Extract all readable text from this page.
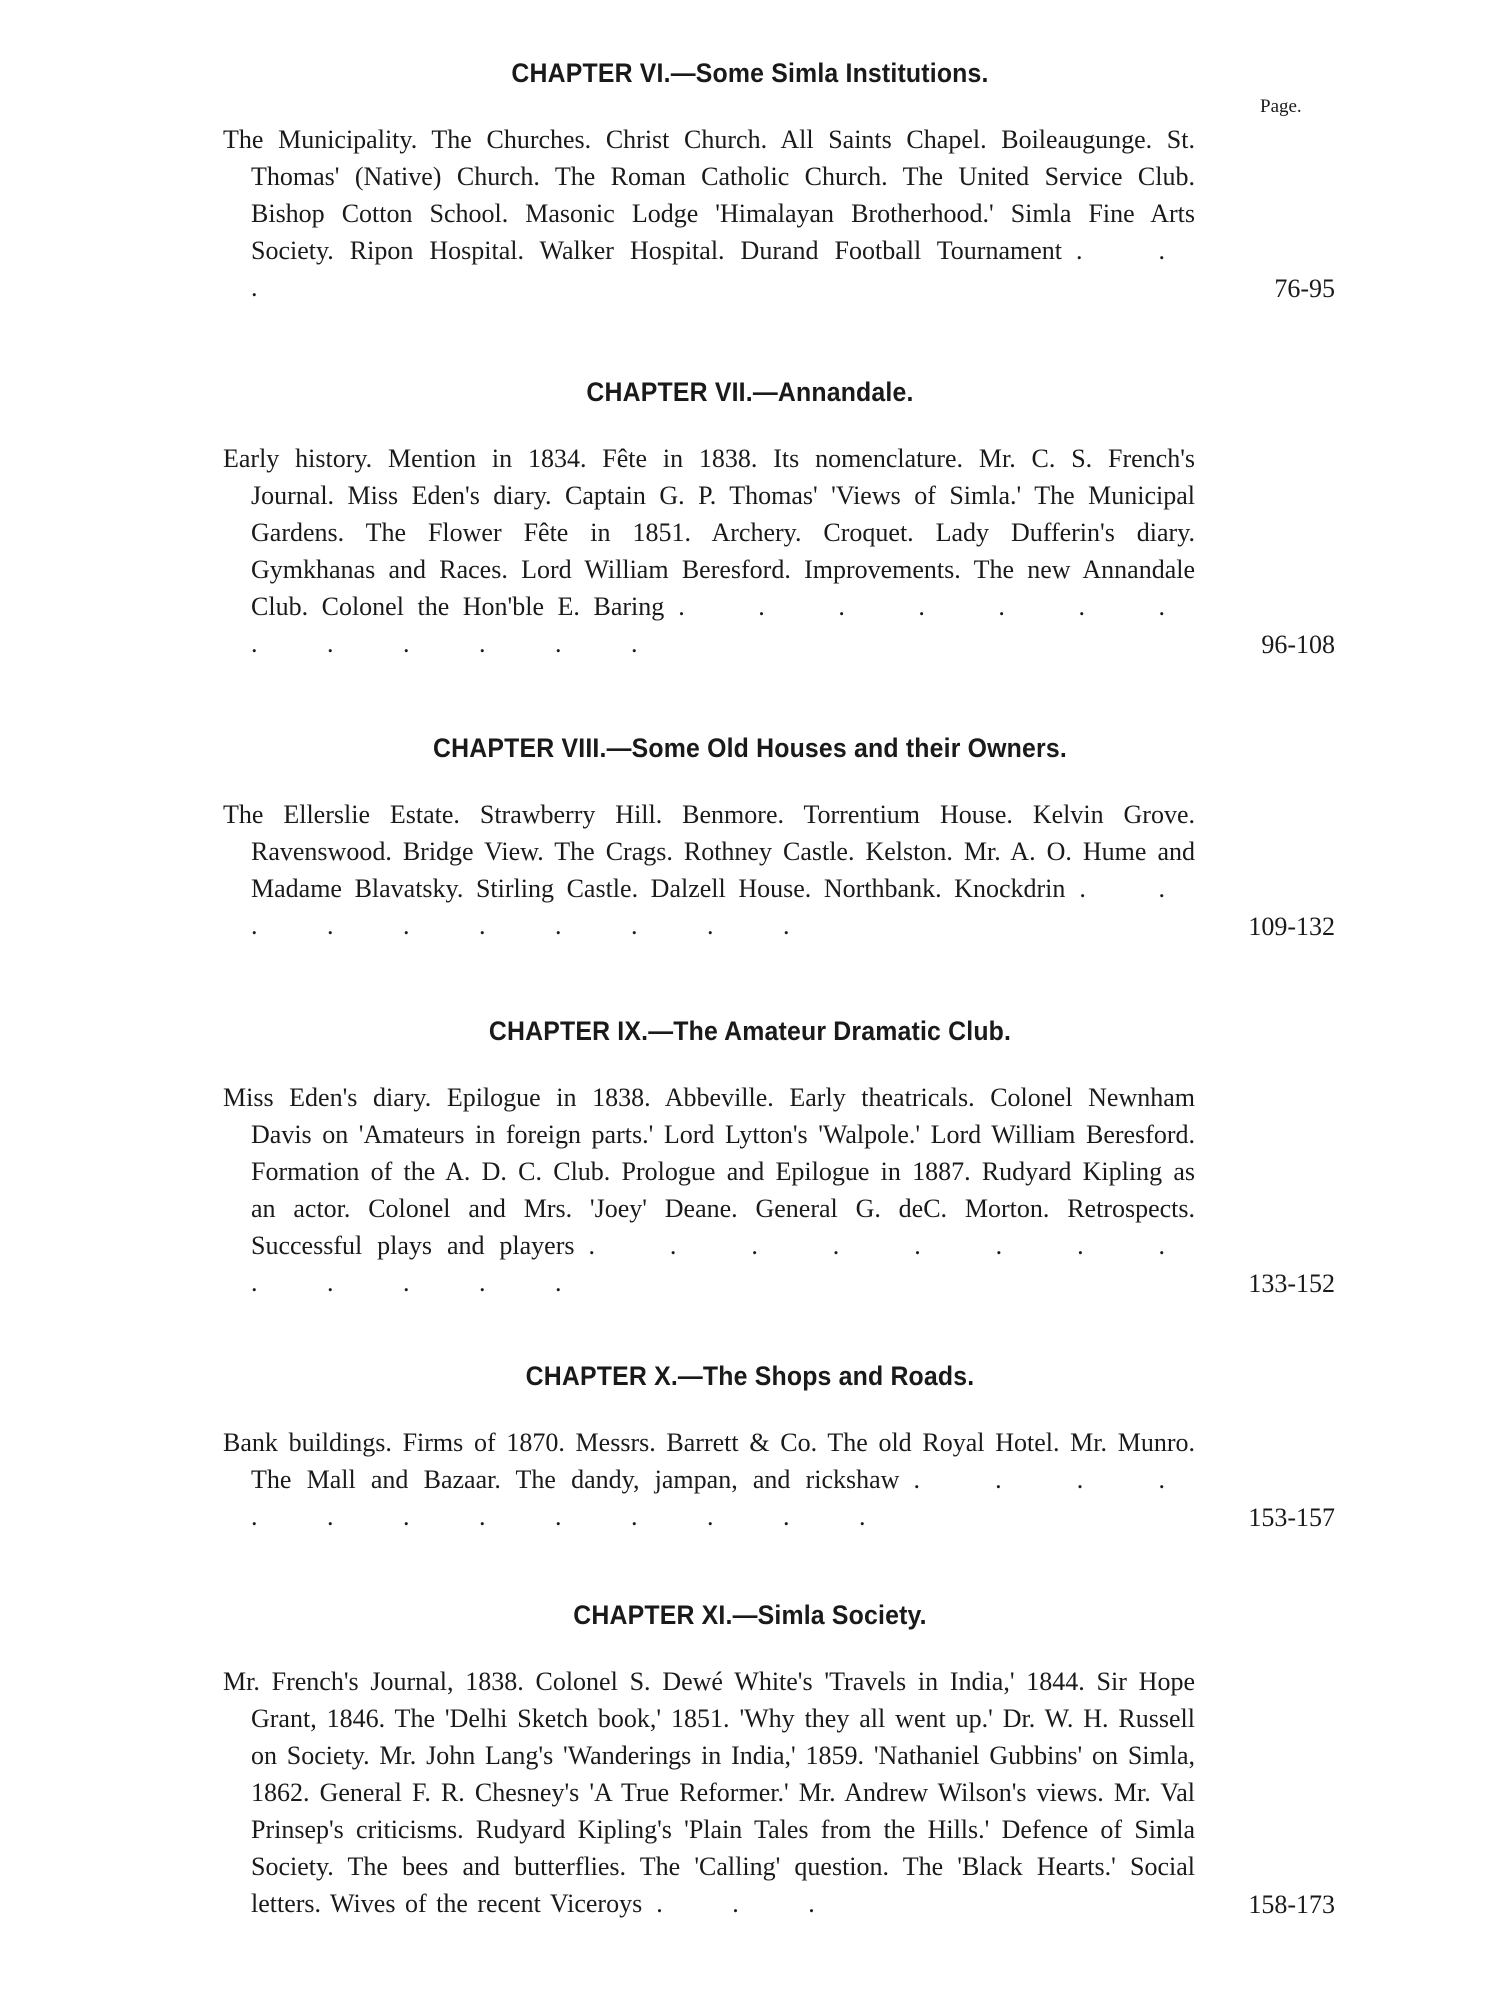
Page.
CHAPTER VI.—Some Simla Institutions.

The Municipality. The Churches. Christ Church. All Saints Chapel. Boileaugunge. St. Thomas' (Native) Church. The Roman Catholic Church. The United Service Club. Bishop Cotton School. Masonic Lodge 'Himalayan Brotherhood.' Simla Fine Arts Society. Ripon Hospital. Walker Hospital. Durand Football Tournament . . .	76-95
CHAPTER VII.—Annandale.

Early history. Mention in 1834. Fête in 1838. Its nomenclature. Mr. C. S. French's Journal. Miss Eden's diary. Captain G. P. Thomas' 'Views of Simla.' The Municipal Gardens. The Flower Fête in 1851. Archery. Croquet. Lady Dufferin's diary. Gymkhanas and Races. Lord William Beresford. Improvements. The new Annandale Club. Colonel the Hon'ble E. Baring . . . . . . . . . . . . .	96-108
CHAPTER VIII.—Some Old Houses and their Owners.

The Ellerslie Estate. Strawberry Hill. Benmore. Torrentium House. Kelvin Grove. Ravenswood. Bridge View. The Crags. Rothney Castle. Kelston. Mr. A. O. Hume and Madame Blavatsky. Stirling Castle. Dalzell House. Northbank. Knockdrin . . . . . . . . . .	109-132
CHAPTER IX.—The Amateur Dramatic Club.

Miss Eden's diary. Epilogue in 1838. Abbeville. Early theatricals. Colonel Newnham Davis on 'Amateurs in foreign parts.' Lord Lytton's 'Walpole.' Lord William Beresford. Formation of the A. D. C. Club. Prologue and Epilogue in 1887. Rudyard Kipling as an actor. Colonel and Mrs. 'Joey' Deane. General G. deC. Morton. Retrospects. Successful plays and players . . . . . . . . . . . . .	133-152
CHAPTER X.—The Shops and Roads.

Bank buildings. Firms of 1870. Messrs. Barrett & Co. The old Royal Hotel. Mr. Munro. The Mall and Bazaar. The dandy, jampan, and rickshaw . . . . . . . . . . . . .	153-157
CHAPTER XI.—Simla Society.

Mr. French's Journal, 1838. Colonel S. Dewé White's 'Travels in India,' 1844. Sir Hope Grant, 1846. The 'Delhi Sketch book,' 1851. 'Why they all went up.' Dr. W. H. Russell on Society. Mr. John Lang's 'Wanderings in India,' 1859. 'Nathaniel Gubbins' on Simla, 1862. General F. R. Chesney's 'A True Reformer.' Mr. Andrew Wilson's views. Mr. Val Prinsep's criticisms. Rudyard Kipling's 'Plain Tales from the Hills.' Defence of Simla Society. The bees and butterflies. The 'Calling' question. The 'Black Hearts.' Social letters. Wives of the recent Viceroys . . .	158-173
